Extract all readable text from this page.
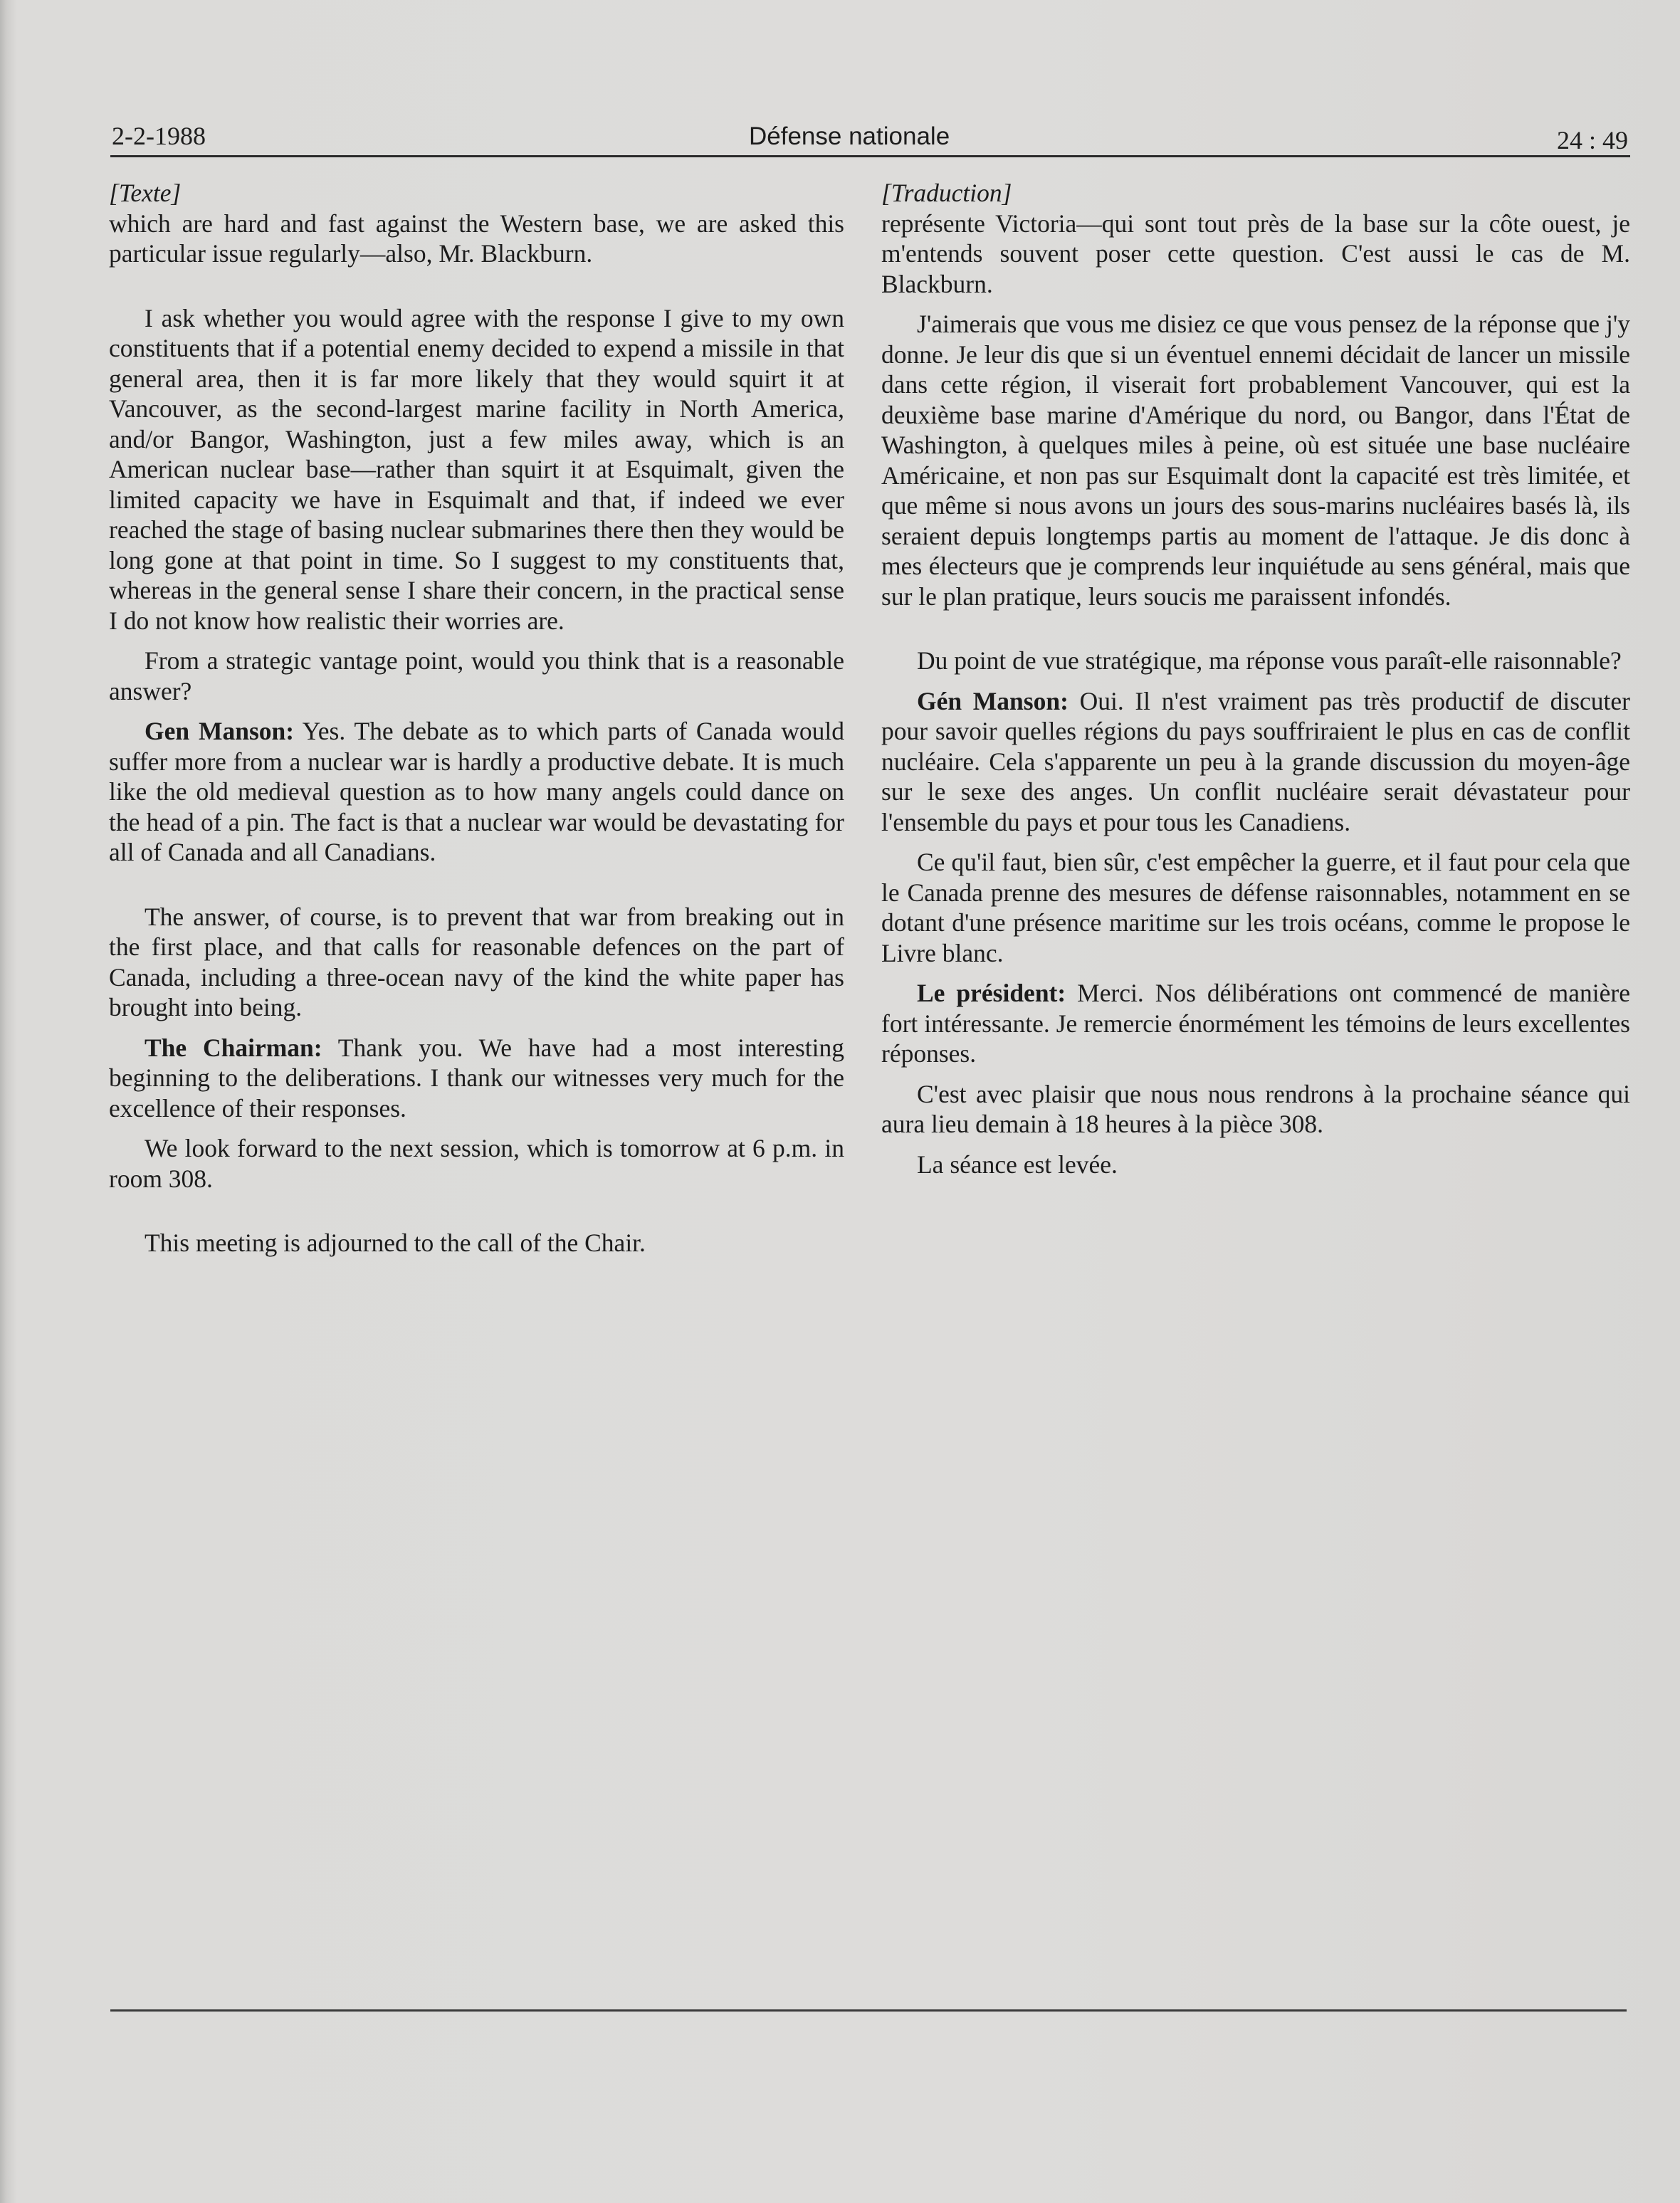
2-2-1988	Défense nationale	24 : 49
[Texte]

which are hard and fast against the Western base, we are asked this particular issue regularly—also, Mr. Blackburn.

I ask whether you would agree with the response I give to my own constituents that if a potential enemy decided to expend a missile in that general area, then it is far more likely that they would squirt it at Vancouver, as the second-largest marine facility in North America, and/or Bangor, Washington, just a few miles away, which is an American nuclear base—rather than squirt it at Esquimalt, given the limited capacity we have in Esquimalt and that, if indeed we ever reached the stage of basing nuclear submarines there then they would be long gone at that point in time. So I suggest to my constituents that, whereas in the general sense I share their concern, in the practical sense I do not know how realistic their worries are.

From a strategic vantage point, would you think that is a reasonable answer?

Gen Manson: Yes. The debate as to which parts of Canada would suffer more from a nuclear war is hardly a productive debate. It is much like the old medieval question as to how many angels could dance on the head of a pin. The fact is that a nuclear war would be devastating for all of Canada and all Canadians.

The answer, of course, is to prevent that war from breaking out in the first place, and that calls for reasonable defences on the part of Canada, including a three-ocean navy of the kind the white paper has brought into being.

The Chairman: Thank you. We have had a most interesting beginning to the deliberations. I thank our witnesses very much for the excellence of their responses.

We look forward to the next session, which is tomorrow at 6 p.m. in room 308.

This meeting is adjourned to the call of the Chair.

[Traduction]

représente Victoria—qui sont tout près de la base sur la côte ouest, je m'entends souvent poser cette question. C'est aussi le cas de M. Blackburn.

J'aimerais que vous me disiez ce que vous pensez de la réponse que j'y donne. Je leur dis que si un éventuel ennemi décidait de lancer un missile dans cette région, il viserait fort probablement Vancouver, qui est la deuxième base marine d'Amérique du nord, ou Bangor, dans l'État de Washington, à quelques miles à peine, où est située une base nucléaire Américaine, et non pas sur Esquimalt dont la capacité est très limitée, et que même si nous avons un jours des sous-marins nucléaires basés là, ils seraient depuis longtemps partis au moment de l'attaque. Je dis donc à mes électeurs que je comprends leur inquiétude au sens général, mais que sur le plan pratique, leurs soucis me paraissent infondés.

Du point de vue stratégique, ma réponse vous paraît-elle raisonnable?

Gén Manson: Oui. Il n'est vraiment pas très productif de discuter pour savoir quelles régions du pays souffriraient le plus en cas de conflit nucléaire. Cela s'apparente un peu à la grande discussion du moyen-âge sur le sexe des anges. Un conflit nucléaire serait dévastateur pour l'ensemble du pays et pour tous les Canadiens.

Ce qu'il faut, bien sûr, c'est empêcher la guerre, et il faut pour cela que le Canada prenne des mesures de défense raisonnables, notamment en se dotant d'une présence maritime sur les trois océans, comme le propose le Livre blanc.

Le président: Merci. Nos délibérations ont commencé de manière fort intéressante. Je remercie énormément les témoins de leurs excellentes réponses.

C'est avec plaisir que nous nous rendrons à la prochaine séance qui aura lieu demain à 18 heures à la pièce 308.

La séance est levée.
